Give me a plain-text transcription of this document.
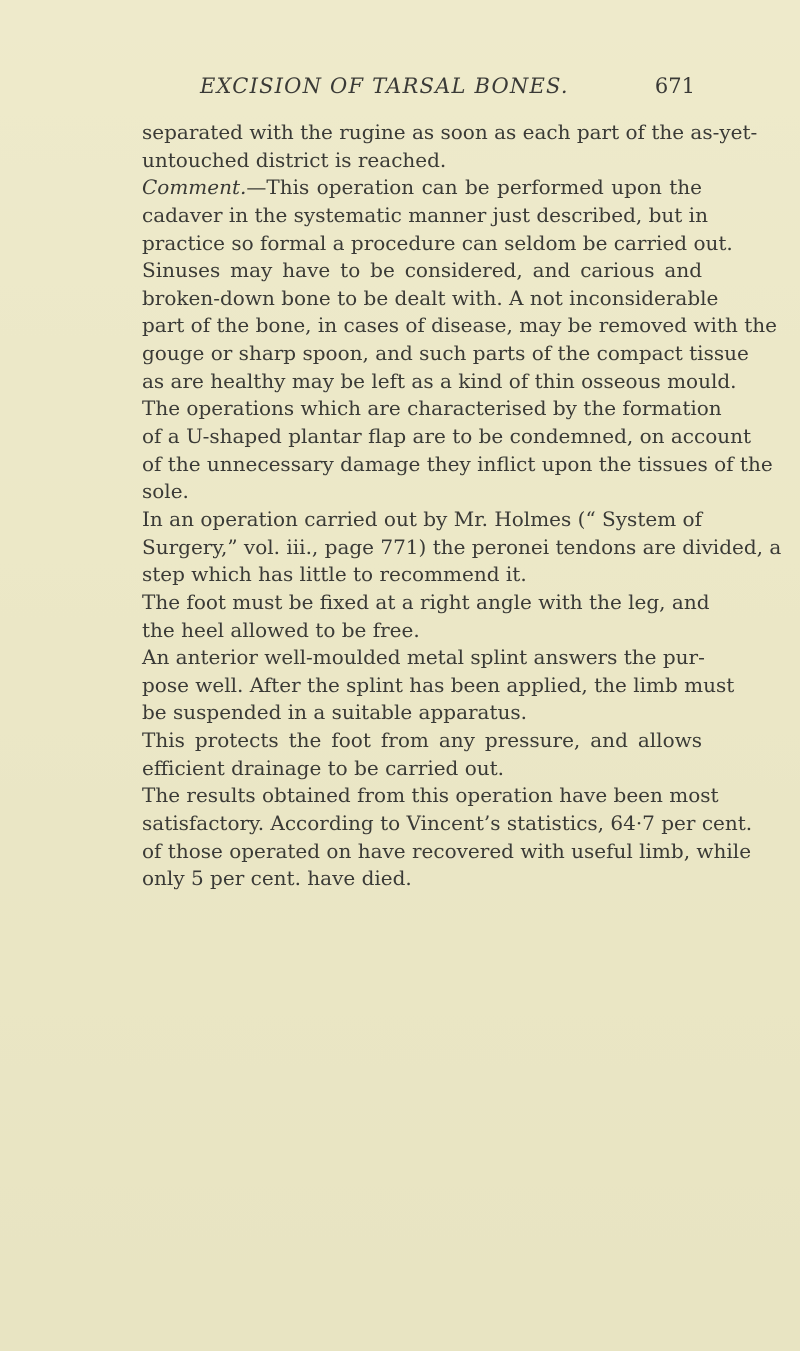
EXCISION OF TARSAL BONES.	671
separated with the rugine as soon as each part of the as-yet-
untouched district is reached.
Comment.—This operation can be performed upon the
cadaver in the systematic manner just described, but in
practice so formal a procedure can seldom be carried out.
Sinuses may have to be considered, and carious and
broken-down bone to be dealt with. A not inconsiderable
part of the bone, in cases of disease, may be removed with the
gouge or sharp spoon, and such parts of the compact tissue
as are healthy may be left as a kind of thin osseous mould.
The operations which are characterised by the formation
of a U-shaped plantar flap are to be condemned, on account
of the unnecessary damage they inflict upon the tissues of the
sole.
In an operation carried out by Mr. Holmes (“ System of
Surgery,” vol. iii., page 771) the peronei tendons are divided, a
step which has little to recommend it.
The foot must be fixed at a right angle with the leg, and
the heel allowed to be free.
An anterior well-moulded metal splint answers the pur-
pose well. After the splint has been applied, the limb must
be suspended in a suitable apparatus.
This protects the foot from any pressure, and allows
efficient drainage to be carried out.
The results obtained from this operation have been most
satisfactory. According to Vincent’s statistics, 64·7 per cent.
of those operated on have recovered with useful limb, while
only 5 per cent. have died.
